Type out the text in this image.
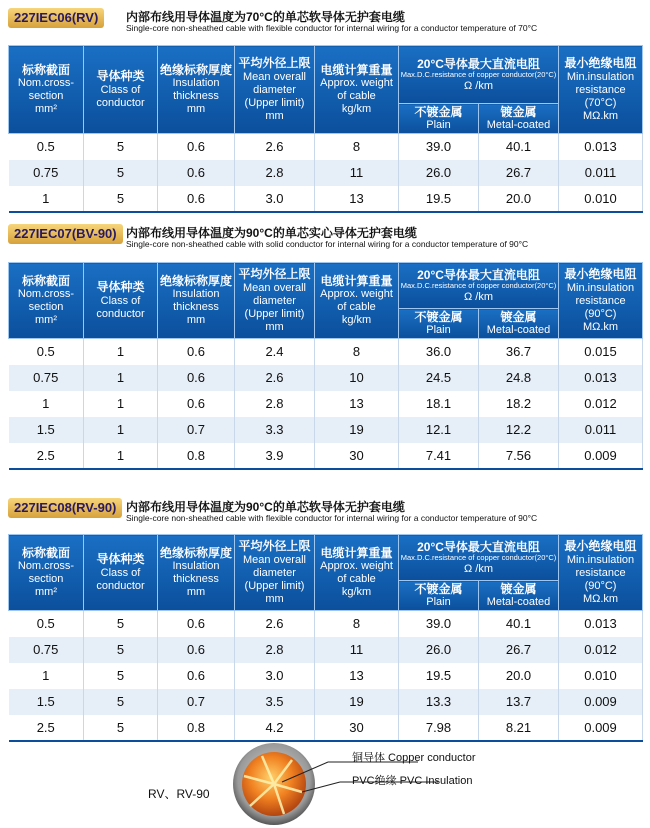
227IEC06(RV)	内部布线用导体温度为70°C的单芯软导体无护套电缆
Single-core non-sheathed cable with flexible conductor for internal wiring for a conductor temperature of 70°C
标称截面
Nom.cross-
section
mm²	导体种类
Class of
conductor	绝缘标称厚度
Insulation
thickness
mm	平均外径上限
Mean overall
diameter
(Upper limit)
mm	电缆计算重量
Approx. weight
of cable
kg/km	20°C导体最大直流电阻
Max.D.C.resistance of copper conductor(20°C)
Ω /km		最小绝缘电阻
Min.insulation
resistance
(70°C)
MΩ.km

					不镀金属
Plain	镀金属
Metal-coated	

0.5	5	0.6	2.6	8	39.0	40.1	0.013
0.75	5	0.6	2.8	11	26.0	26.7	0.011
1	5	0.6	3.0	13	19.5	20.0	0.010
227IEC07(BV-90) 内部布线用导体温度为90°C的单芯实心导体无护套电缆
Single-core non-sheathed cable with solid conductor for internal wiring for a conductor temperature of 90°C
标称截面
Nom.cross-
section
mm²	导体种类
Class of
conductor	绝缘标称厚度
Insulation
thickness
mm	平均外径上限
Mean overall
diameter
(Upper limit)
mm	电缆计算重量
Approx. weight
of cable
kg/km	20°C导体最大直流电阻
Max.D.C.resistance of copper conductor(20°C)
Ω /km		最小绝缘电阻
Min.insulation
resistance
(90°C)
MΩ.km

					不镀金属
Plain	镀金属
Metal-coated	

0.5	1	0.6	2.4	8	36.0	36.7	0.015
0.75	1	0.6	2.6	10	24.5	24.8	0.013
1	1	0.6	2.8	13	18.1	18.2	0.012
1.5	1	0.7	3.3	19	12.1	12.2	0.011
2.5	1	0.8	3.9	30	7.41	7.56	0.009
227IEC08(RV-90) 内部布线用导体温度为90°C的单芯软导体无护套电缆
Single-core non-sheathed cable with flexible conductor for internal wiring for a conductor temperature of 90°C
标称截面
Nom.cross-
section
mm²	导体种类
Class of
conductor	绝缘标称厚度
Insulation
thickness
mm	平均外径上限
Mean overall
diameter
(Upper limit)
mm	电缆计算重量
Approx. weight
of cable
kg/km	20°C导体最大直流电阻
Max.D.C.resistance of copper conductor(20°C)
Ω /km		最小绝缘电阻
Min.insulation
resistance
(90°C)
MΩ.km

					不镀金属
Plain	镀金属
Metal-coated	

0.5	5	0.6	2.6	8	39.0	40.1	0.013
0.75	5	0.6	2.8	11	26.0	26.7	0.012
1	5	0.6	3.0	13	19.5	20.0	0.010
1.5	5	0.7	3.5	19	13.3	13.7	0.009
2.5	5	0.8	4.2	30	7.98	8.21	0.009
RV、RV-90
铜导体 Copper conductor
PVC绝缘 PVC Insulation
